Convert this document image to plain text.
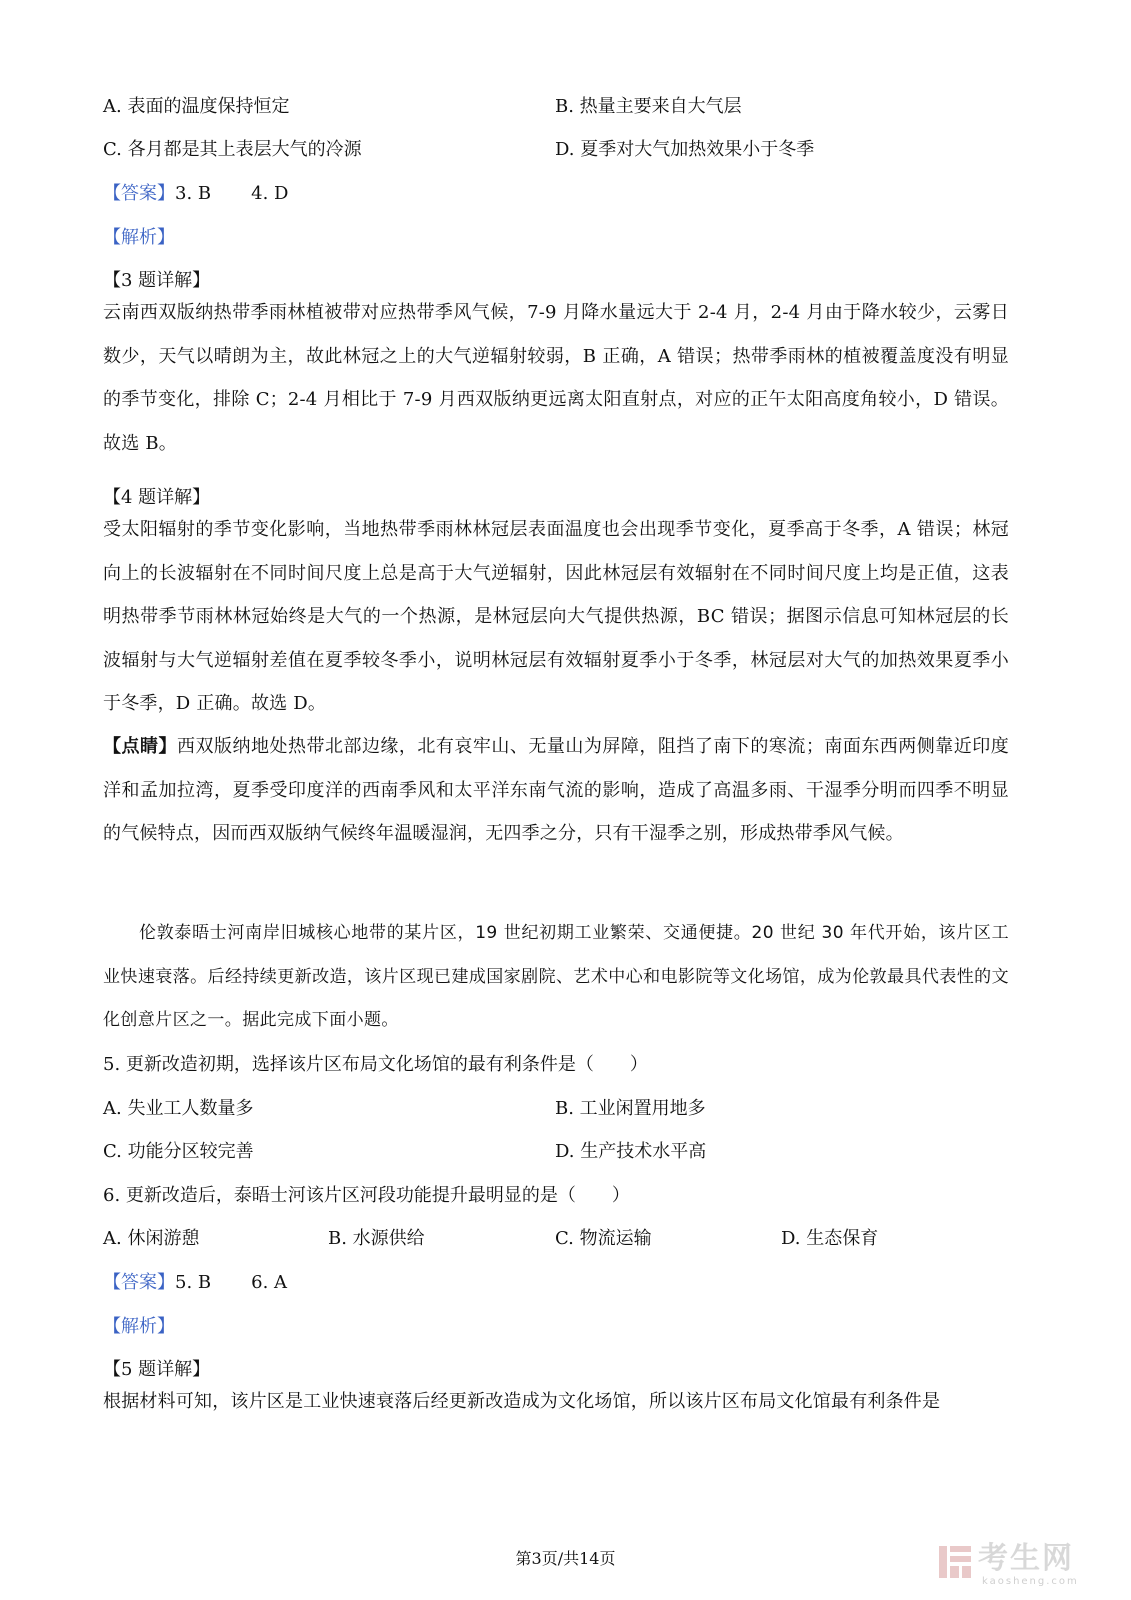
A. 表面的温度保持恒定	B. 热量主要来自大气层
C. 各月都是其上表层大气的冷源	D. 夏季对大气加热效果小于冬季
【答案】3. B 4. D
【解析】
【3 题详解】
云南西双版纳热带季雨林植被带对应热带季风气候，7-9 月降水量远大于 2-4 月，2-4 月由于降水较少，云雾日数少，天气以晴朗为主，故此林冠之上的大气逆辐射较弱，B 正确，A 错误；热带季雨林的植被覆盖度没有明显的季节变化，排除 C；2-4 月相比于 7-9 月西双版纳更远离太阳直射点，对应的正午太阳高度角较小，D 错误。故选 B。
【4 题详解】
受太阳辐射的季节变化影响，当地热带季雨林林冠层表面温度也会出现季节变化，夏季高于冬季，A 错误；林冠向上的长波辐射在不同时间尺度上总是高于大气逆辐射，因此林冠层有效辐射在不同时间尺度上均是正值，这表明热带季节雨林林冠始终是大气的一个热源，是林冠层向大气提供热源，BC 错误；据图示信息可知林冠层的长波辐射与大气逆辐射差值在夏季较冬季小，说明林冠层有效辐射夏季小于冬季，林冠层对大气的加热效果夏季小于冬季，D 正确。故选 D。
【点睛】西双版纳地处热带北部边缘，北有哀牢山、无量山为屏障，阻挡了南下的寒流；南面东西两侧靠近印度洋和孟加拉湾，夏季受印度洋的西南季风和太平洋东南气流的影响，造成了高温多雨、干湿季分明而四季不明显的气候特点，因而西双版纳气候终年温暖湿润，无四季之分，只有干湿季之别，形成热带季风气候。
伦敦泰晤士河南岸旧城核心地带的某片区，19 世纪初期工业繁荣、交通便捷。20 世纪 30 年代开始，该片区工业快速衰落。后经持续更新改造，该片区现已建成国家剧院、艺术中心和电影院等文化场馆，成为伦敦最具代表性的文化创意片区之一。据此完成下面小题。
5. 更新改造初期，选择该片区布局文化场馆的最有利条件是（　　）
A. 失业工人数量多	B. 工业闲置用地多
C. 功能分区较完善	D. 生产技术水平高
6. 更新改造后，泰晤士河该片区河段功能提升最明显的是（　　）
A. 休闲游憩	B. 水源供给	C. 物流运输	D. 生态保育
【答案】5. B 6. A
【解析】
【5 题详解】
根据材料可知，该片区是工业快速衰落后经更新改造成为文化场馆，所以该片区布局文化馆最有利条件是
第3页/共14页	考生网
kaosheng.com
